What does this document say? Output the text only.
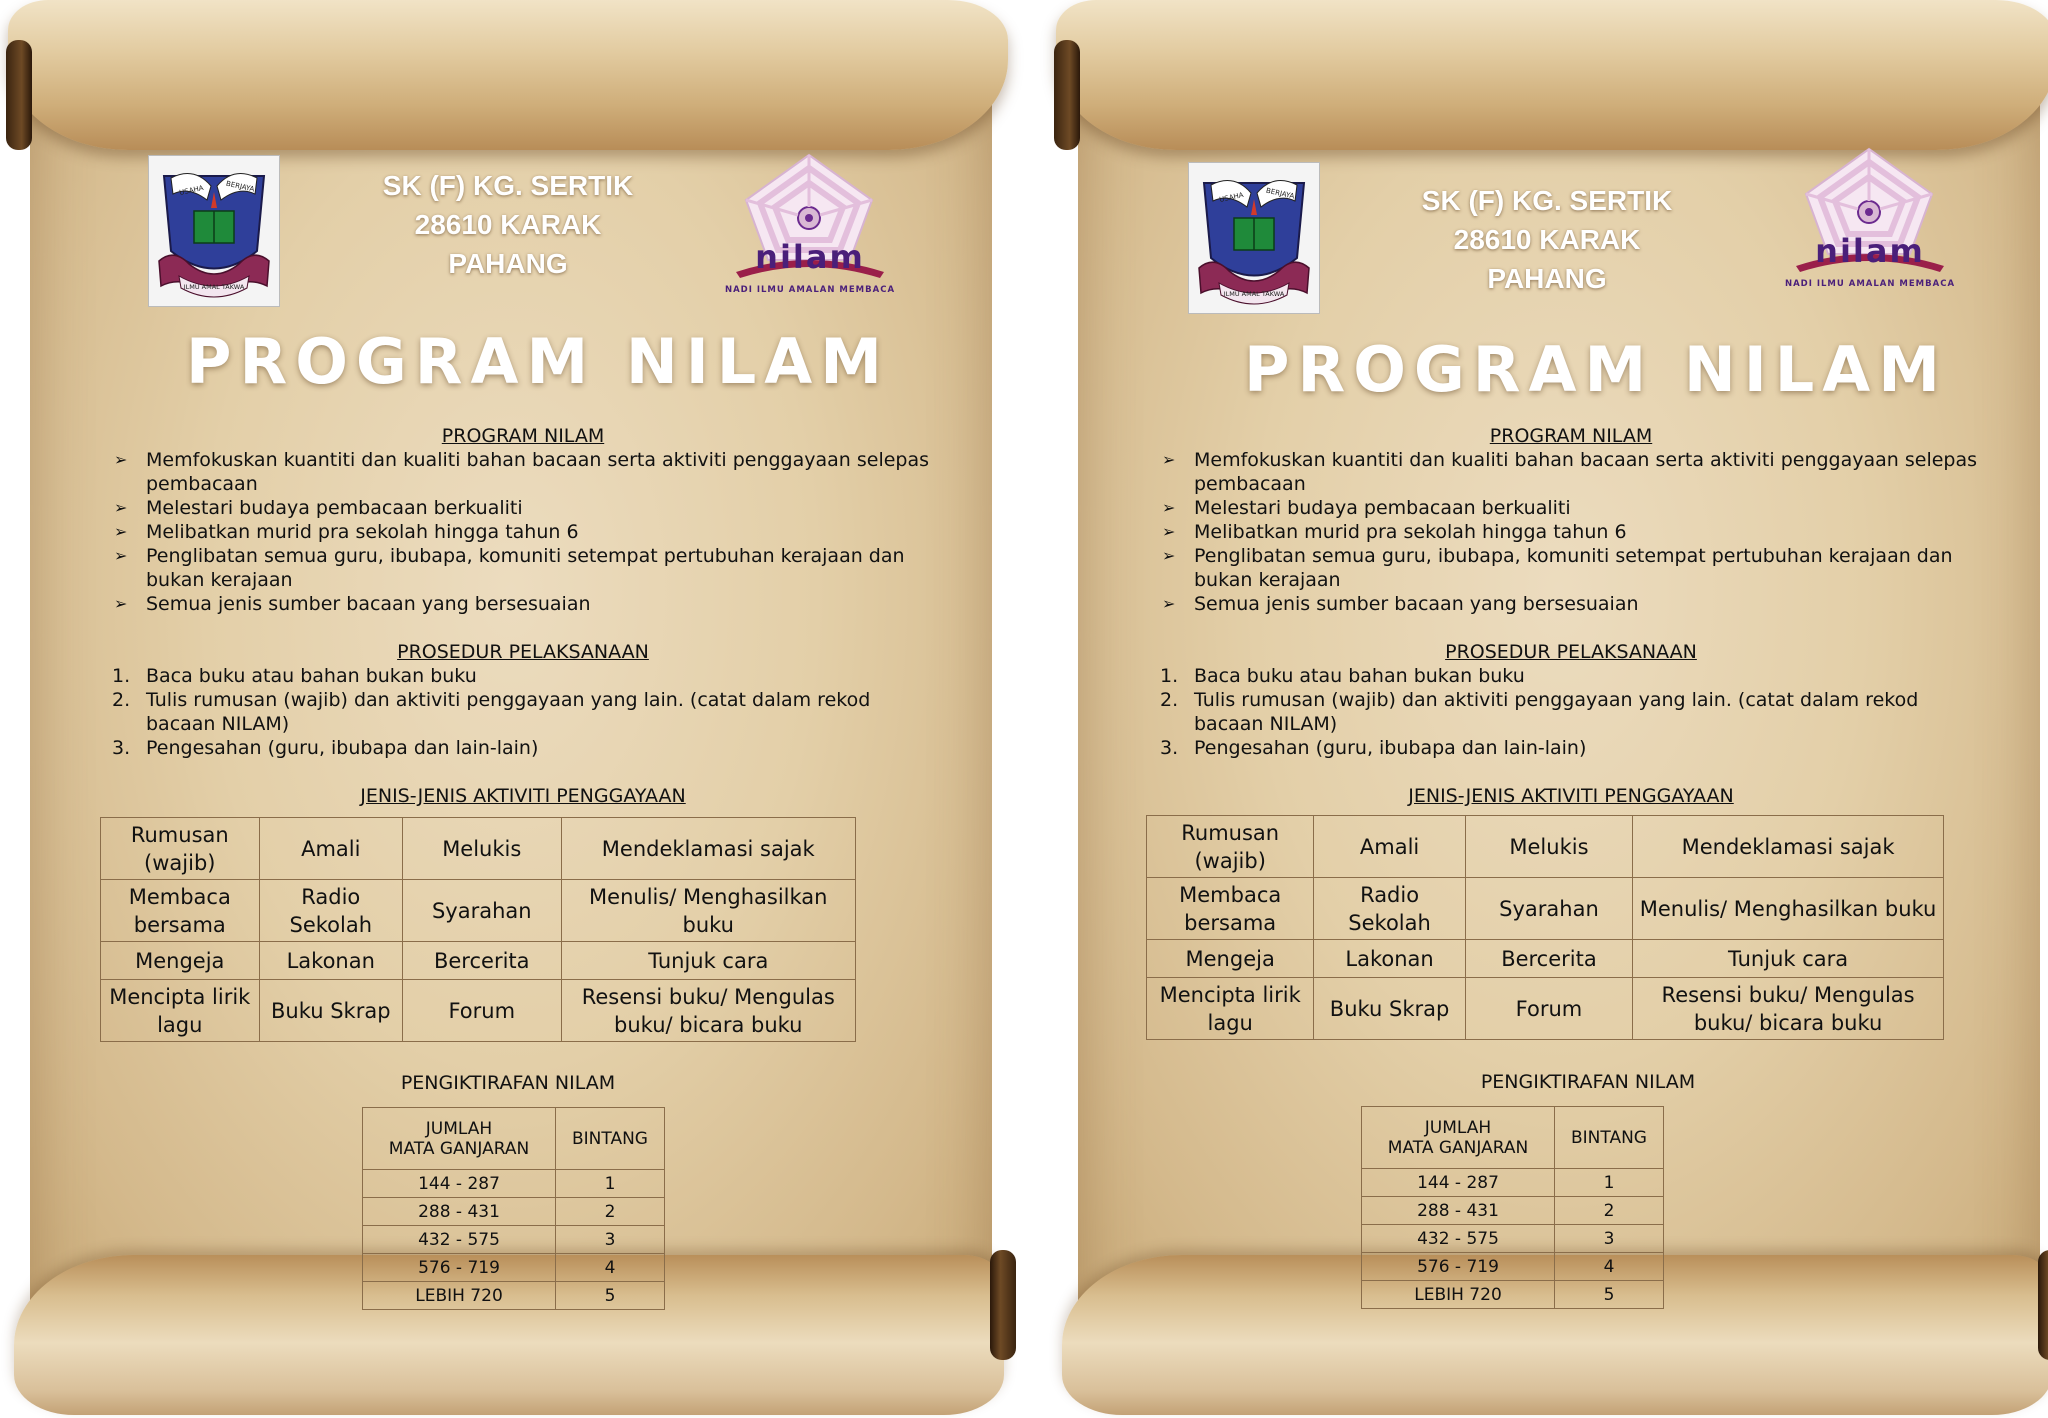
USAHA	BERJAYA
ILMU AMAL TAKWA
SK (F) KG. SERTIK
28610 KARAK
PAHANG	nilam
NADI ILMU AMALAN MEMBACA
PROGRAM NILAM

PROGRAM NILAM

➢ Memfokuskan kuantiti dan kualiti bahan bacaan serta aktiviti penggayaan selepas pembacaan
➢ Melestari budaya pembacaan berkualiti
➢ Melibatkan murid pra sekolah hingga tahun 6
➢ Penglibatan semua guru, ibubapa, komuniti setempat pertubuhan kerajaan dan bukan kerajaan
➢ Semua jenis sumber bacaan yang bersesuaian

PROSEDUR PELAKSANAAN

1. Baca buku atau bahan bukan buku
2. Tulis rumusan (wajib) dan aktiviti penggayaan yang lain. (catat dalam rekod bacaan NILAM)
3. Pengesahan (guru, ibubapa dan lain-lain)

JENIS-JENIS AKTIVITI PENGGAYAAN

Rumusan (wajib)	Amali	Melukis	Mendeklamasi sajak
Membaca bersama	Radio Sekolah	Syarahan	Menulis/ Menghasilkan buku
Mengeja	Lakonan	Bercerita	Tunjuk cara
Mencipta lirik lagu	Buku Skrap	Forum	Resensi buku/ Mengulas buku/ bicara buku
PENGIKTIRAFAN NILAM
JUMLAH
MATA GANJARAN	BINTANG
144 - 287	1
288 - 431	2
432 - 575	3
576 - 719	4
LEBIH 720	5
USAHA	BERJAYA
ILMU AMAL TAKWA
SK (F) KG. SERTIK
28610 KARAK
PAHANG
nilam
NADI ILMU AMALAN MEMBACA
PROGRAM NILAM

PROGRAM NILAM

➢ Memfokuskan kuantiti dan kualiti bahan bacaan serta aktiviti penggayaan selepas pembacaan
➢ Melestari budaya pembacaan berkualiti
➢ Melibatkan murid pra sekolah hingga tahun 6
➢ Penglibatan semua guru, ibubapa, komuniti setempat pertubuhan kerajaan dan bukan kerajaan
➢ Semua jenis sumber bacaan yang bersesuaian

PROSEDUR PELAKSANAAN

1. Baca buku atau bahan bukan buku
2. Tulis rumusan (wajib) dan aktiviti penggayaan yang lain. (catat dalam rekod bacaan NILAM)
3. Pengesahan (guru, ibubapa dan lain-lain)

JENIS-JENIS AKTIVITI PENGGAYAAN

Rumusan (wajib)	Amali	Melukis	Mendeklamasi sajak
Membaca bersama	Radio Sekolah	Syarahan	Menulis/ Menghasilkan buku
Mengeja	Lakonan	Bercerita	Tunjuk cara
Mencipta lirik lagu	Buku Skrap	Forum	Resensi buku/ Mengulas buku/ bicara buku
PENGIKTIRAFAN NILAM
JUMLAH
MATA GANJARAN	BINTANG
144 - 287	1
288 - 431	2
432 - 575	3
576 - 719	4
LEBIH 720	5
